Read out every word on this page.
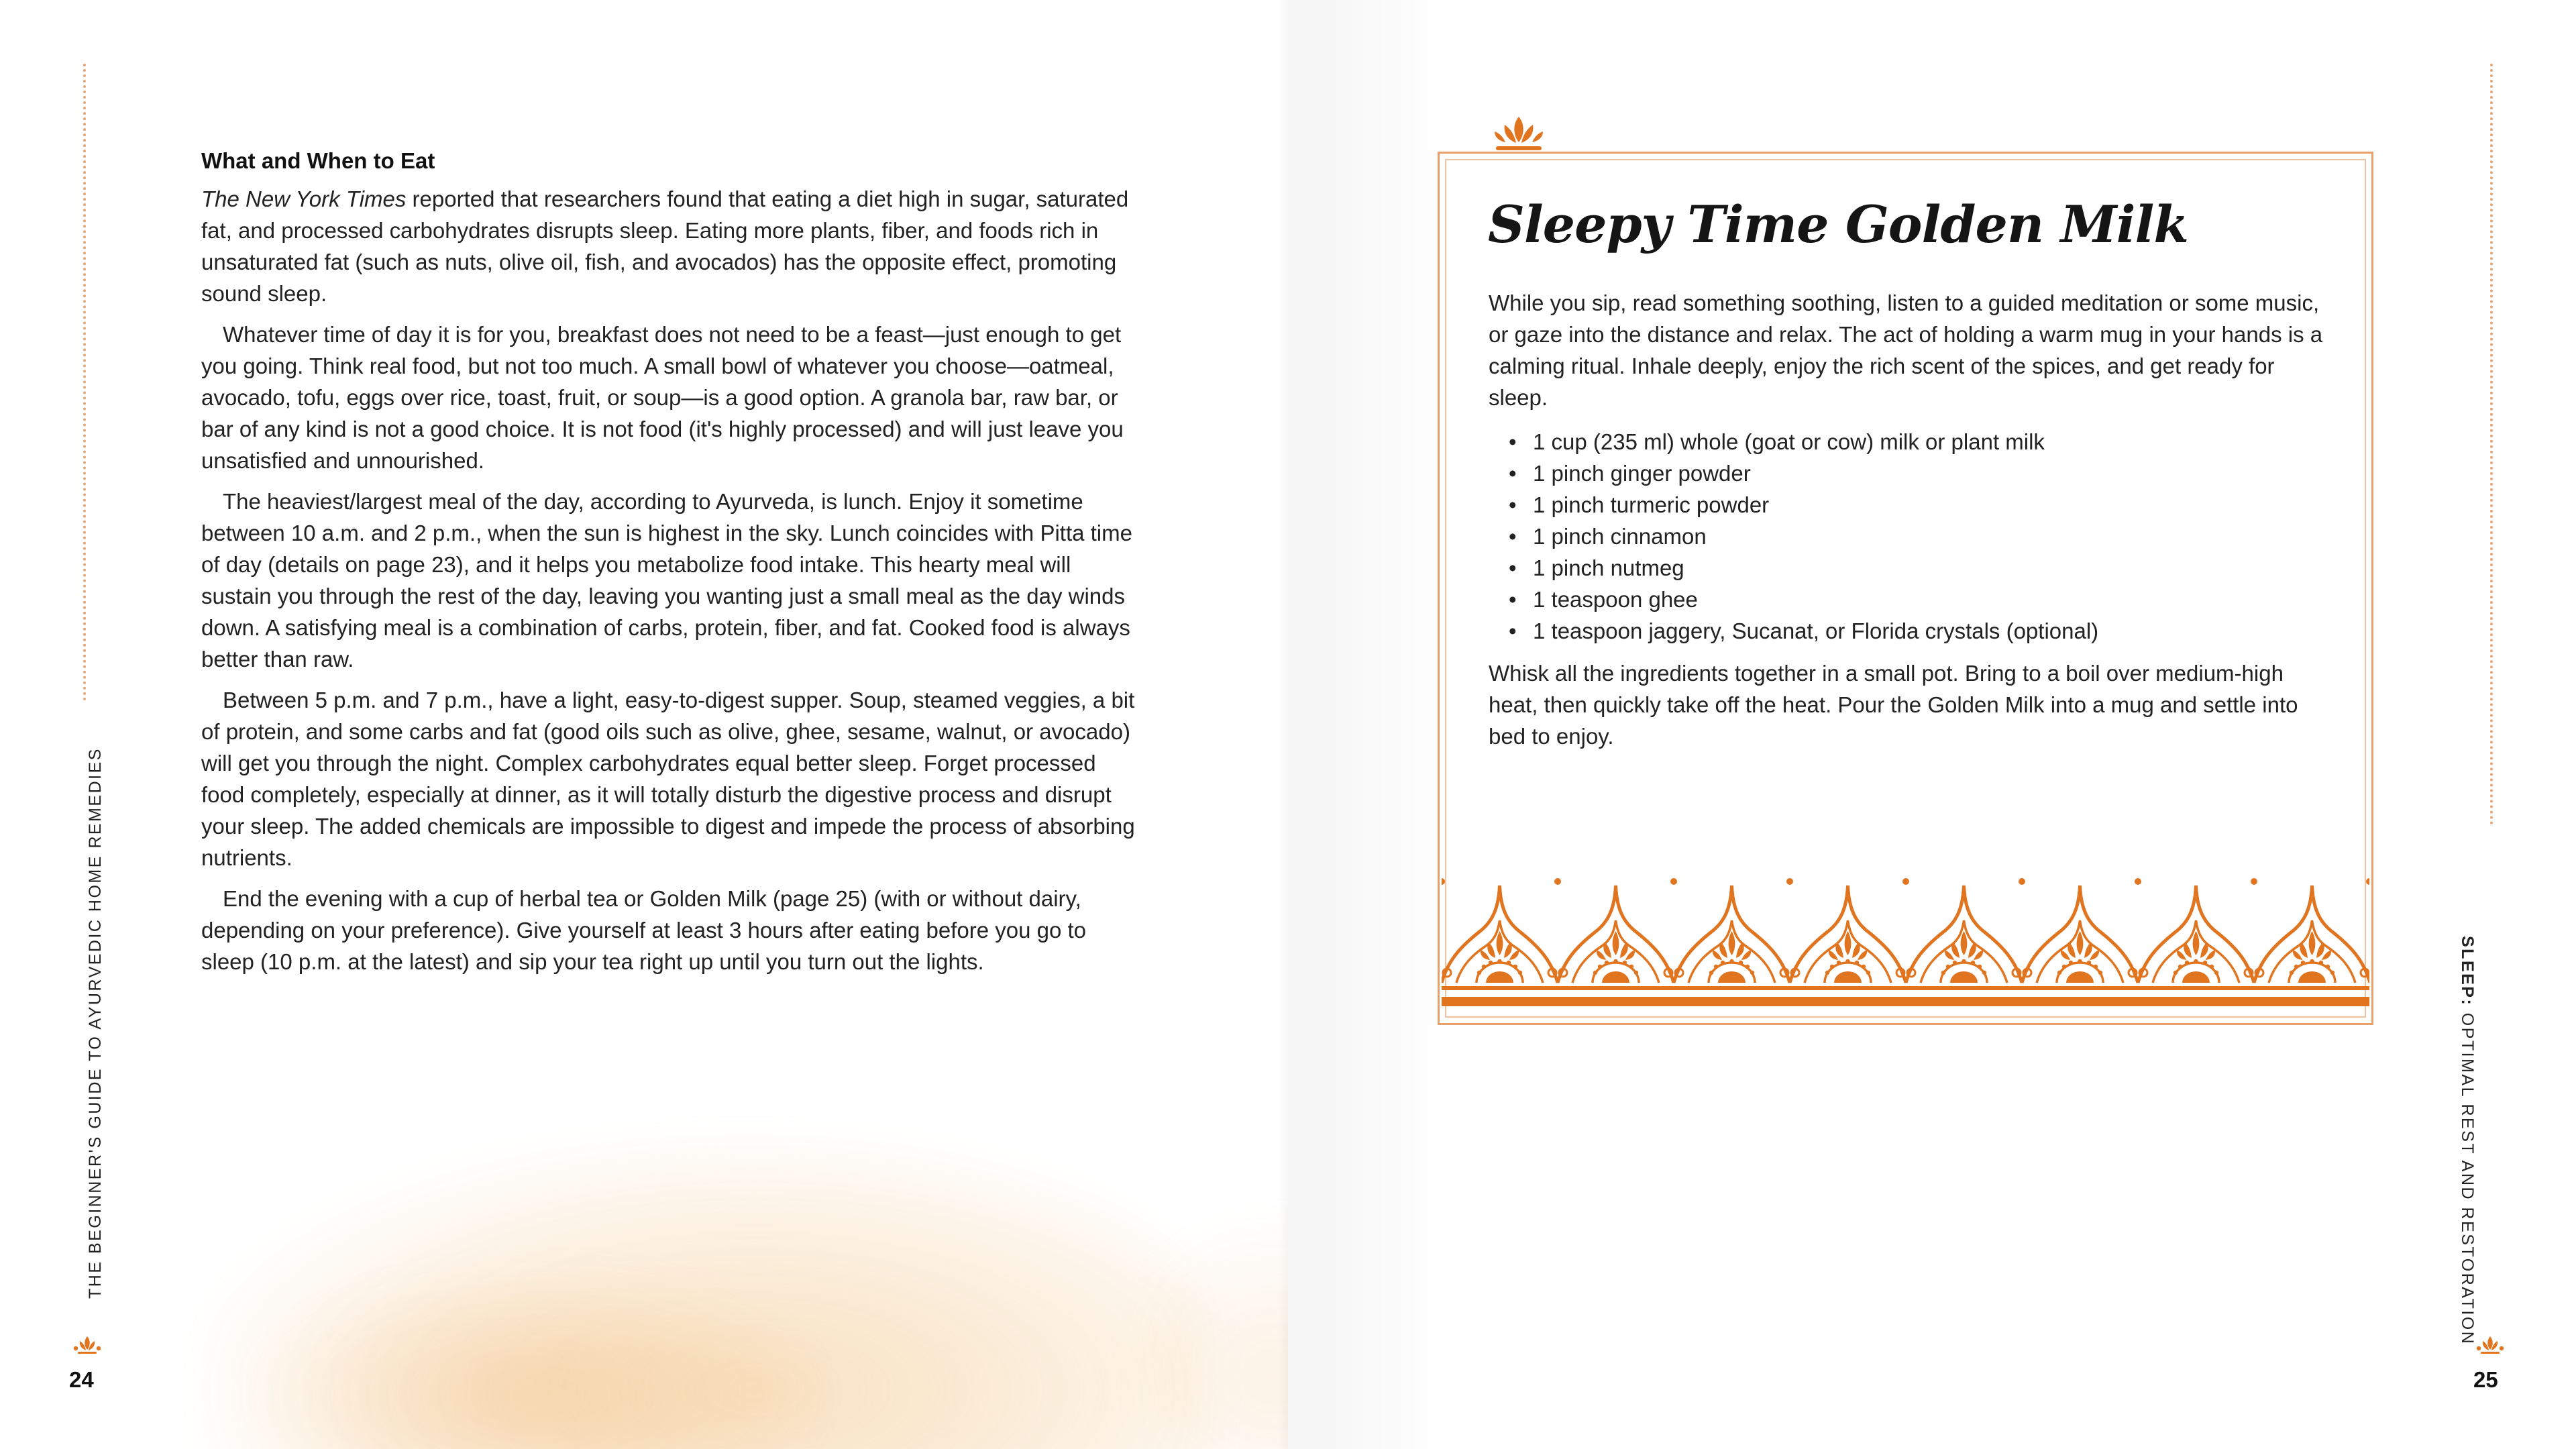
THE BEGINNER'S GUIDE TO AYURVEDIC HOME REMEDIES
24
SLEEP: OPTIMAL REST AND RESTORATION
25
What and When to Eat

The New York Times reported that researchers found that eating a diet high in sugar, saturated fat, and processed carbohydrates disrupts sleep. Eating more plants, fiber, and foods rich in unsaturated fat (such as nuts, olive oil, fish, and avocados) has the opposite effect, promoting sound sleep.

Whatever time of day it is for you, breakfast does not need to be a feast—just enough to get you going. Think real food, but not too much. A small bowl of whatever you choose—oatmeal, avocado, tofu, eggs over rice, toast, fruit, or soup—is a good option. A granola bar, raw bar, or bar of any kind is not a good choice. It is not food (it's highly processed) and will just leave you unsatisfied and unnourished.

The heaviest/largest meal of the day, according to Ayurveda, is lunch. Enjoy it sometime between 10 a.m. and 2 p.m., when the sun is highest in the sky. Lunch coincides with Pitta time of day (details on page 23), and it helps you metabolize food intake. This hearty meal will sustain you through the rest of the day, leaving you wanting just a small meal as the day winds down. A satisfying meal is a combination of carbs, protein, fiber, and fat. Cooked food is always better than raw.

Between 5 p.m. and 7 p.m., have a light, easy-to-digest supper. Soup, steamed veggies, a bit of protein, and some carbs and fat (good oils such as olive, ghee, sesame, walnut, or avocado) will get you through the night. Complex carbohydrates equal better sleep. Forget processed food completely, especially at dinner, as it will totally disturb the digestive process and disrupt your sleep. The added chemicals are impossible to digest and impede the process of absorbing nutrients.

End the evening with a cup of herbal tea or Golden Milk (page 25) (with or without dairy, depending on your preference). Give yourself at least 3 hours after eating before you go to sleep (10 p.m. at the latest) and sip your tea right up until you turn out the lights.

Sleepy Time Golden Milk

While you sip, read something soothing, listen to a guided meditation or some music, or gaze into the distance and relax. The act of holding a warm mug in your hands is a calming ritual. Inhale deeply, enjoy the rich scent of the spices, and get ready for sleep.

• 1 cup (235 ml) whole (goat or cow) milk or plant milk
• 1 pinch ginger powder
• 1 pinch turmeric powder
• 1 pinch cinnamon
• 1 pinch nutmeg
• 1 teaspoon ghee
• 1 teaspoon jaggery, Sucanat, or Florida crystals (optional)

Whisk all the ingredients together in a small pot. Bring to a boil over medium-high heat, then quickly take off the heat. Pour the Golden Milk into a mug and settle into bed to enjoy.
